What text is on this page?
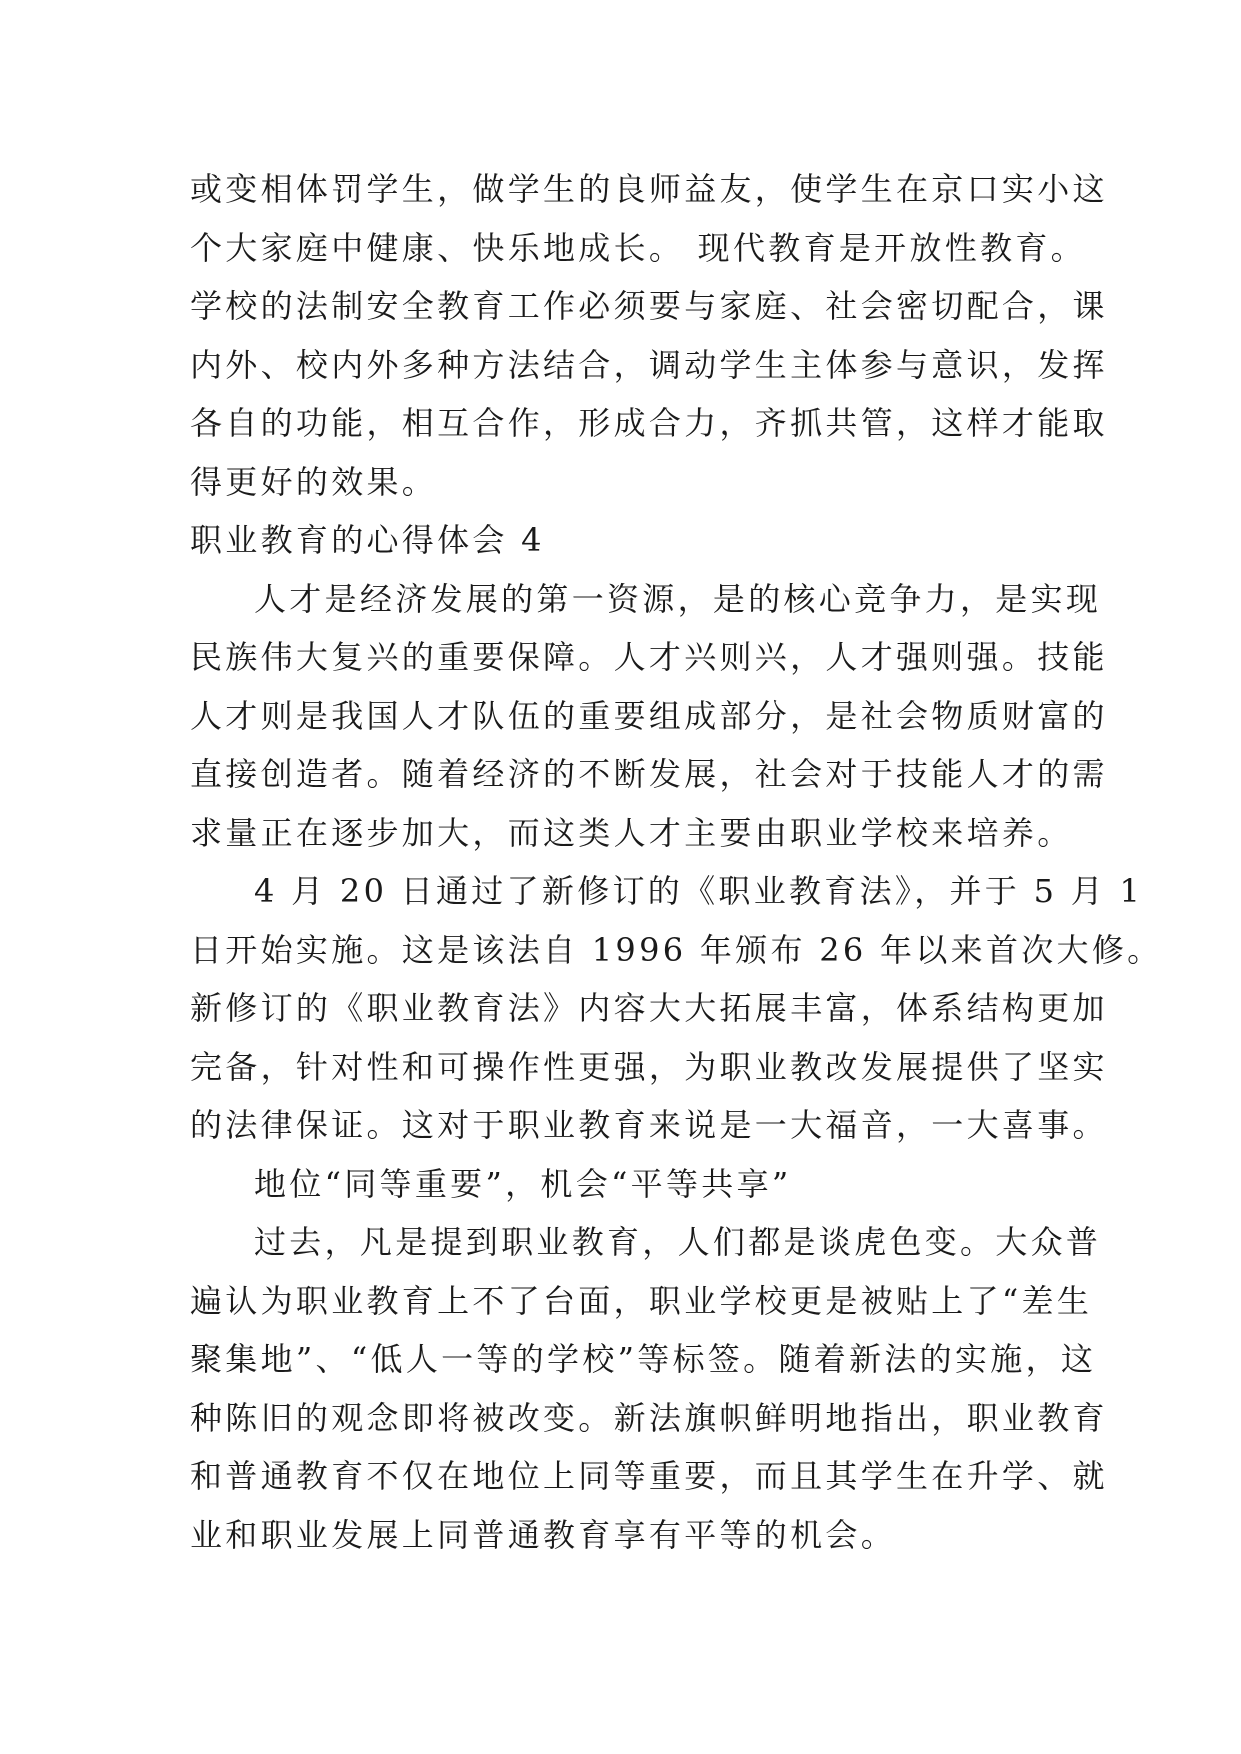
或变相体罚学生，做学生的良师益友，使学生在京口实小这
个大家庭中健康、快乐地成长。 现代教育是开放性教育。
学校的法制安全教育工作必须要与家庭、社会密切配合，课
内外、校内外多种方法结合，调动学生主体参与意识，发挥
各自的功能，相互合作，形成合力，齐抓共管，这样才能取
得更好的效果。
职业教育的心得体会 4
人才是经济发展的第一资源，是的核心竞争力，是实现
民族伟大复兴的重要保障。人才兴则兴，人才强则强。技能
人才则是我国人才队伍的重要组成部分，是社会物质财富的
直接创造者。随着经济的不断发展，社会对于技能人才的需
求量正在逐步加大，而这类人才主要由职业学校来培养。
4 月 20 日通过了新修订的《职业教育法》，并于 5 月 1
日开始实施。这是该法自 1996 年颁布 26 年以来首次大修。
新修订的《职业教育法》内容大大拓展丰富，体系结构更加
完备，针对性和可操作性更强，为职业教改发展提供了坚实
的法律保证。这对于职业教育来说是一大福音，一大喜事。
地位“同等重要”，机会“平等共享”
过去，凡是提到职业教育，人们都是谈虎色变。大众普
遍认为职业教育上不了台面，职业学校更是被贴上了“差生
聚集地”、“低人一等的学校”等标签。随着新法的实施，这
种陈旧的观念即将被改变。新法旗帜鲜明地指出，职业教育
和普通教育不仅在地位上同等重要，而且其学生在升学、就
业和职业发展上同普通教育享有平等的机会。
